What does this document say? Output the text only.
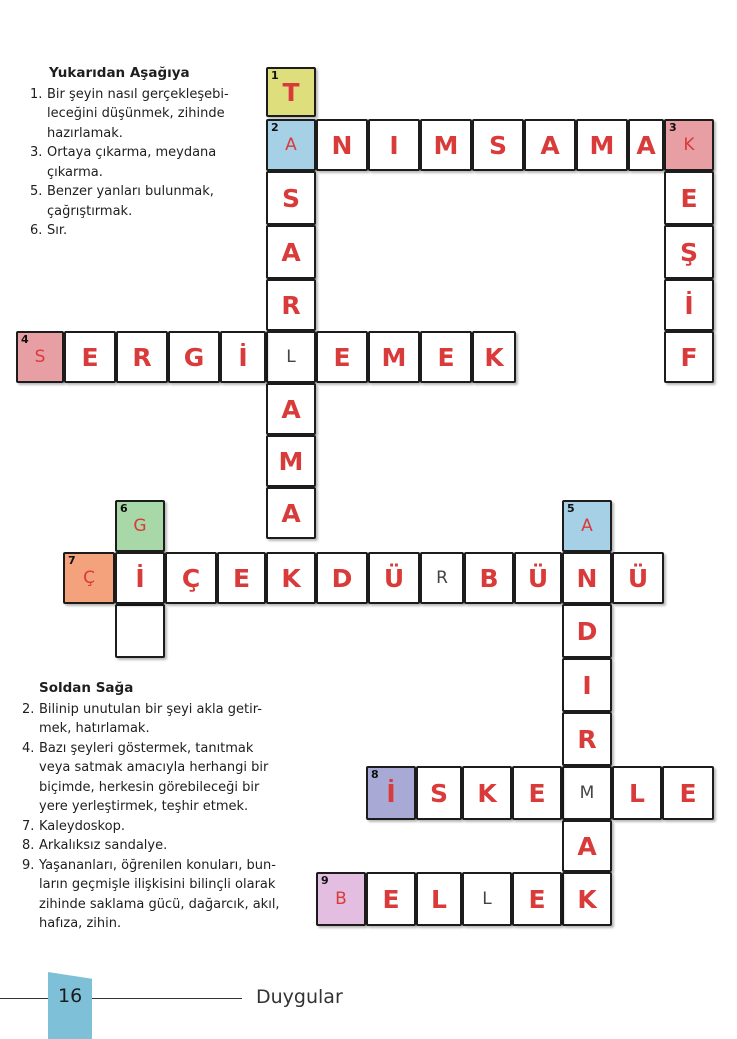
Yukarıdan Aşağıya
1. Bir şeyin nasıl gerçekleşebi-
leceğini düşünmek, zihinde
hazırlamak.
3. Ortaya çıkarma, meydana
çıkarma.
5. Benzer yanları bulunmak,
çağrıştırmak.
6. Sır.
Soldan Sağa
2. Bilinip unutulan bir şeyi akla getir-
mek, hatırlamak.
4. Bazı şeyleri göstermek, tanıtmak
veya satmak amacıyla herhangi bir
biçimde, herkesin görebileceği bir
yere yerleştirmek, teşhir etmek.
7. Kaleydoskop.
8. Arkalıksız sandalye.
9. Yaşananları, öğrenilen konuları, bun-
ların geçmişle ilişkisini bilinçli olarak
zihinde saklama gücü, dağarcık, akıl,
hafıza, zihin.
1
T
2
A N I M S A M A
3
K
S
A
R
L
A
M
A
E
Ş
İ
F
4
S E R G İ	E M E K
6
G
5
A
7
Ç İ Ç E K D Ü R B Ü N Ü
D
I
R
M
A
K
8
İ S K E	L E
9
B E L L E
16	Duygular
